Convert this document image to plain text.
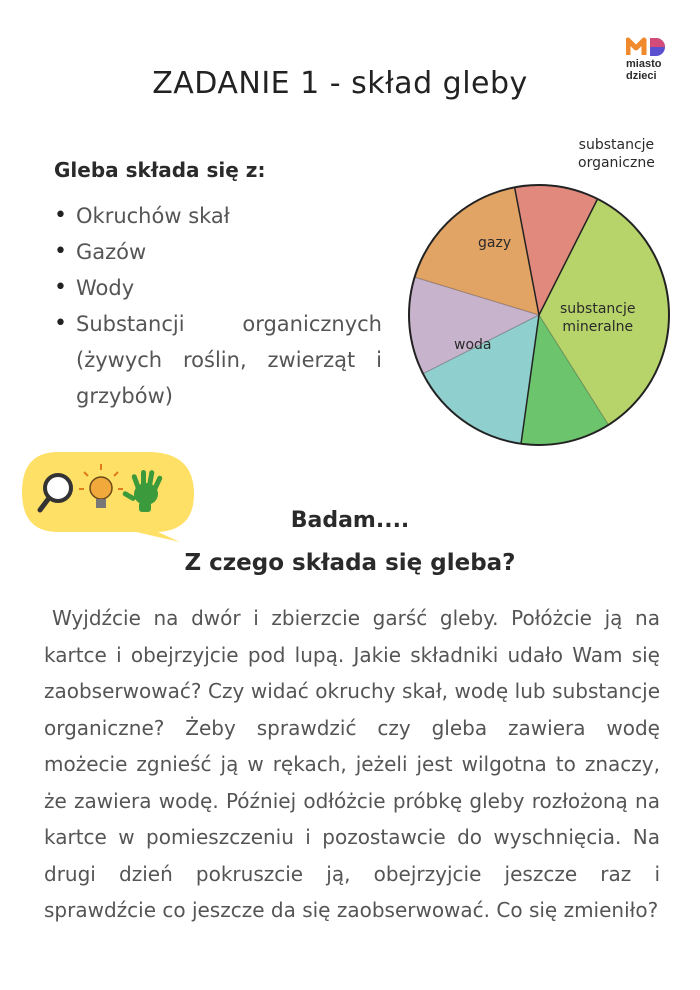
miasto
dzieci
ZADANIE 1 - skład gleby
Gleba składa się z:
• Okruchów skał
• Gazów
• Wody
• Substancji organicznych (żywych roślin, zwierząt i grzybów)
substancje
organiczne
gazy
substancje
mineralne
woda
Badam....
Z czego składa się gleba?

Wyjdźcie na dwór i zbierzcie garść gleby. Połóżcie ją na kartce i obejrzyjcie pod lupą. Jakie składniki udało Wam się zaobserwować? Czy widać okruchy skał, wodę lub substancje organiczne? Żeby sprawdzić czy gleba zawiera wodę możecie zgnieść ją w rękach, jeżeli jest wilgotna to znaczy, że zawiera wodę. Później odłóżcie próbkę gleby rozłożoną na kartce w pomieszczeniu i pozostawcie do wyschnięcia. Na drugi dzień pokruszcie ją, obejrzyjcie jeszcze raz i sprawdźcie co jeszcze da się zaobserwować. Co się zmieniło?
